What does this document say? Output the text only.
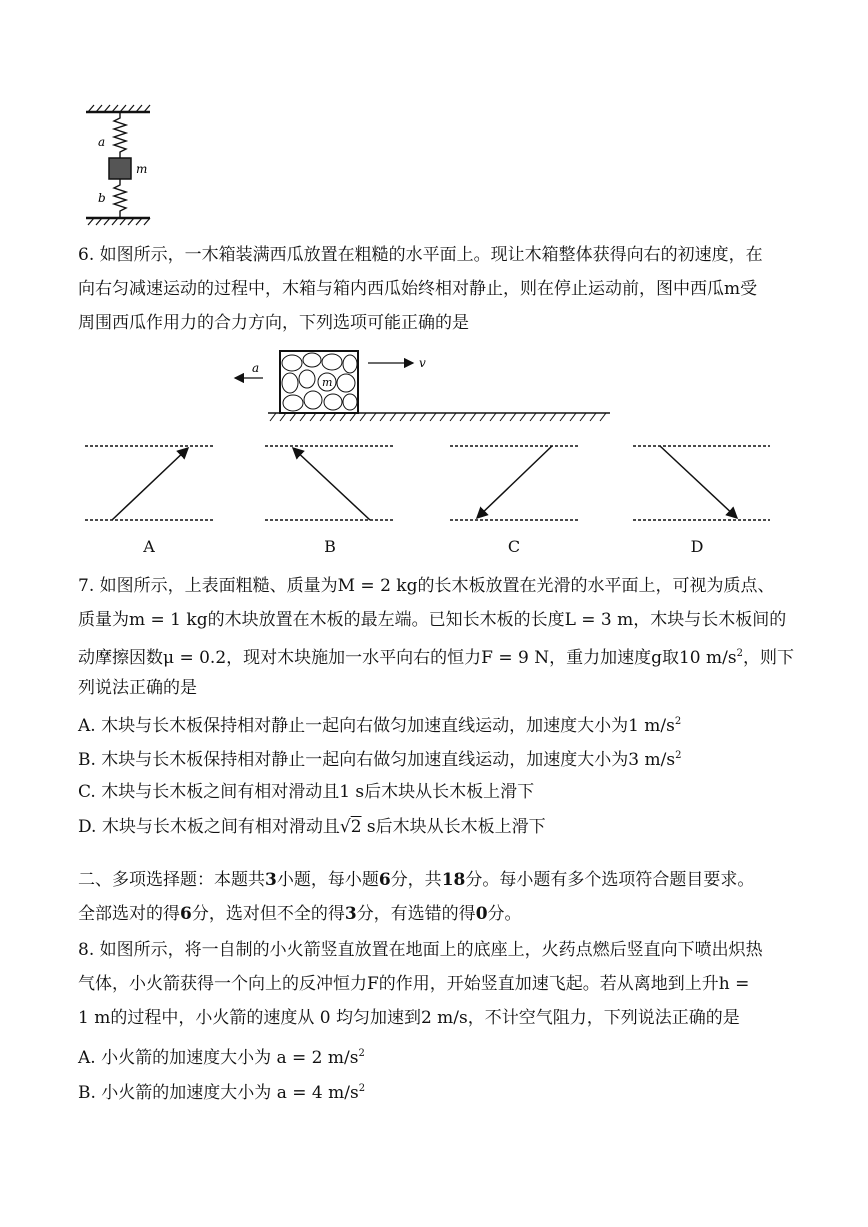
a
m
b
6. 如图所示，一木箱装满西瓜放置在粗糙的水平面上。现让木箱整体获得向右的初速度，在
向右匀减速运动的过程中，木箱与箱内西瓜始终相对静止，则在停止运动前，图中西瓜m受
周围西瓜作用力的合力方向，下列选项可能正确的是
m
a	v
A	B	C	D
7. 如图所示，上表面粗糙、质量为M = 2 kg的长木板放置在光滑的水平面上，可视为质点、
质量为m = 1 kg的木块放置在木板的最左端。已知长木板的长度L = 3 m，木块与长木板间的
动摩擦因数μ = 0.2，现对木块施加一水平向右的恒力F = 9 N，重力加速度g取10 $m/s^2$，则下
列说法正确的是
A. 木块与长木板保持相对静止一起向右做匀加速直线运动，加速度大小为1 $m/s^2$
B. 木块与长木板保持相对静止一起向右做匀加速直线运动，加速度大小为3 $m/s^2$
C. 木块与长木板之间有相对滑动且1 s后木块从长木板上滑下
D. 木块与长木板之间有相对滑动且√2 s后木块从长木板上滑下
二、多项选择题：本题共3小题，每小题6分，共18分。每小题有多个选项符合题目要求。
全部选对的得6分，选对但不全的得3分，有选错的得0分。
8. 如图所示，将一自制的小火箭竖直放置在地面上的底座上，火药点燃后竖直向下喷出炽热
气体，小火箭获得一个向上的反冲恒力F的作用，开始竖直加速飞起。若从离地到上升h =
1 m的过程中，小火箭的速度从 0 均匀加速到2 m/s，不计空气阻力，下列说法正确的是
A. 小火箭的加速度大小为 a = 2 $m/s^2$
B. 小火箭的加速度大小为 a = 4 $m/s^2$
